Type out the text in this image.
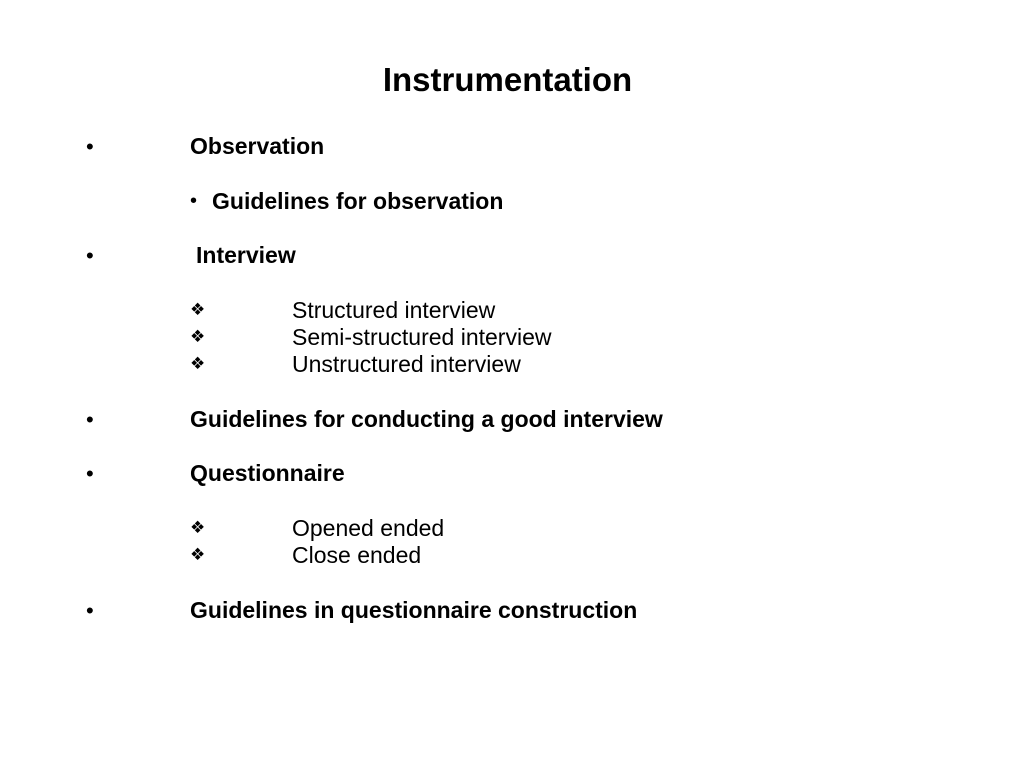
Instrumentation
•	Observation
• Guidelines for observation
•	Interview
❖	Structured interview
❖	Semi-structured interview
❖	Unstructured interview
•	Guidelines for conducting a good interview
•	Questionnaire
❖	Opened ended
❖	Close ended
•	Guidelines in questionnaire construction
